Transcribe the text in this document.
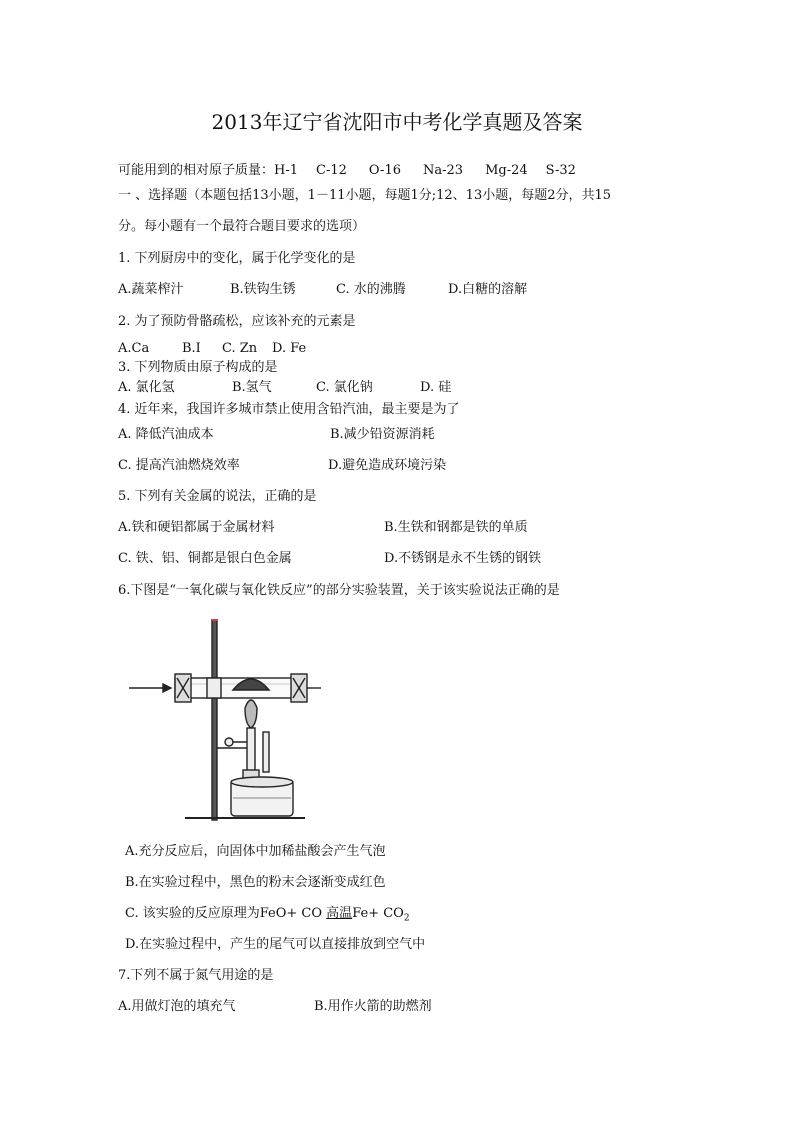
2013年辽宁省沈阳市中考化学真题及答案
可能用到的相对原子质量：H-1 C-12 O-16 Na-23 Mg-24 S-32
一 、选择题（本题包括13小题，1－11小题，每题1分;12、13小题，每题2分，共15
分。每小题有一个最符合题目要求的选项）
1. 下列厨房中的变化，属于化学变化的是
A.蔬菜榨汁	B.铁钩生锈	C. 水的沸腾	D.白糖的溶解
2. 为了预防骨骼疏松，应该补充的元素是
A.Ca	B.I C. Zn D. Fe
3. 下列物质由原子构成的是
A. 氯化氢	B.氢气	C. 氯化钠	D. 硅
4. 近年来，我国许多城市禁止使用含铅汽油，最主要是为了
A. 降低汽油成本	B.减少铅资源消耗
C. 提高汽油燃烧效率	D.避免造成环境污染
5. 下列有关金属的说法，正确的是
A.铁和硬铝都属于金属材料	B.生铁和钢都是铁的单质
C. 铁、铝、铜都是银白色金属	D.不锈钢是永不生锈的钢铁
6.下图是“一氧化碳与氧化铁反应”的部分实验装置，关于该实验说法正确的是
A.充分反应后，向固体中加稀盐酸会产生气泡
B.在实验过程中，黑色的粉末会逐渐变成红色
C. 该实验的反应原理为FeO+ CO 高温$Fe+ CO_2$
D.在实验过程中，产生的尾气可以直接排放到空气中
7.下列不属于氮气用途的是
A.用做灯泡的填充气	B.用作火箭的助燃剂
